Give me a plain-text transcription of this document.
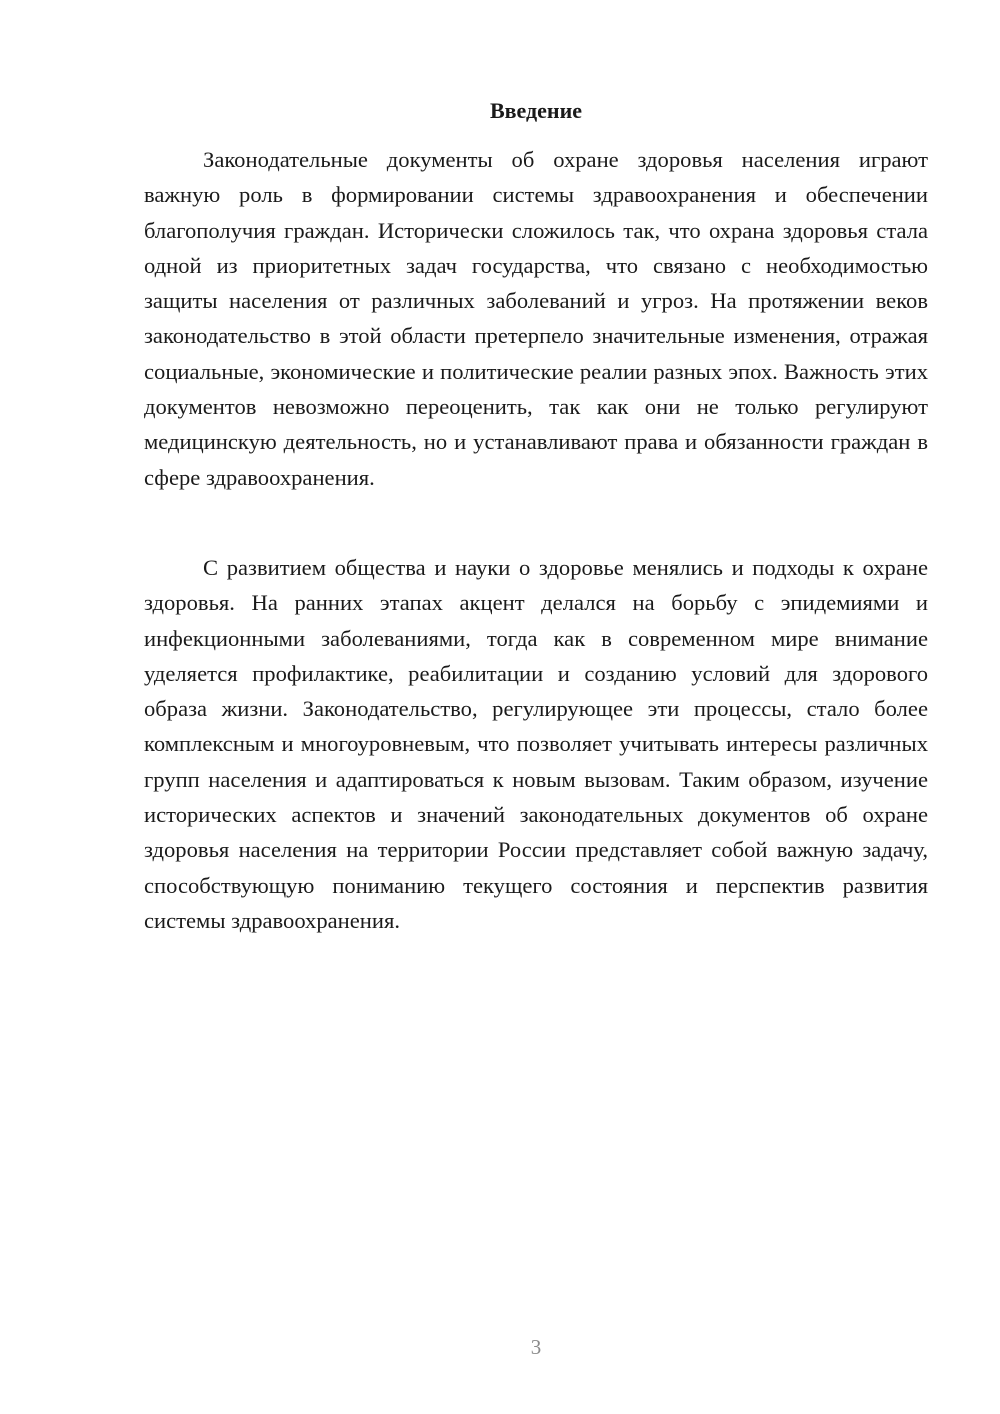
Введение

Законодательные документы об охране здоровья населения играют важную роль в формировании системы здравоохранения и обеспечении благополучия граждан. Исторически сложилось так, что охрана здоровья стала одной из приоритетных задач государства, что связано с необходимостью защиты населения от различных заболеваний и угроз. На протяжении веков законодательство в этой области претерпело значительные изменения, отражая социальные, экономические и политические реалии разных эпох. Важность этих документов невозможно переоценить, так как они не только регулируют медицинскую деятельность, но и устанавливают права и обязанности граждан в сфере здравоохранения.

С развитием общества и науки о здоровье менялись и подходы к охране здоровья. На ранних этапах акцент делался на борьбу с эпидемиями и инфекционными заболеваниями, тогда как в современном мире внимание уделяется профилактике, реабилитации и созданию условий для здорового образа жизни. Законодательство, регулирующее эти процессы, стало более комплексным и многоуровневым, что позволяет учитывать интересы различных групп населения и адаптироваться к новым вызовам. Таким образом, изучение исторических аспектов и значений законодательных документов об охране здоровья населения на территории России представляет собой важную задачу, способствующую пониманию текущего состояния и перспектив развития системы здравоохранения.

3
